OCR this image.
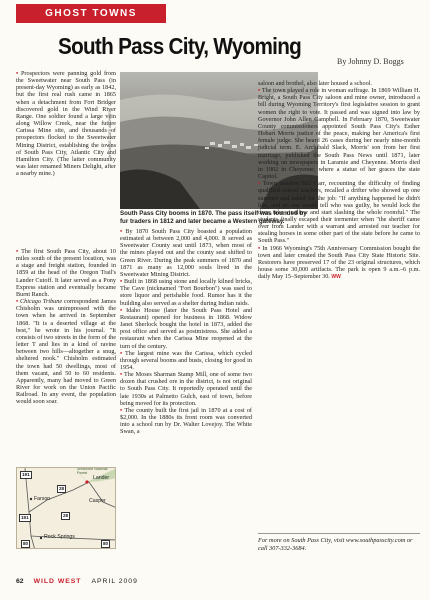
GHOST TOWNS
South Pass City, Wyoming
By Johnny D. Boggs

• Prospectors were panning gold from the Sweetwater near South Pass (in present-day Wyoming) as early as 1842, but the first real rush came in 1865 when a detachment from Fort Bridger discovered gold in the Wind River Range. One soldier found a large vein along Willow Creek, near the future Carissa Mine site, and thousands of prospectors flocked to the Sweetwater Mining District, establishing the towns of South Pass City, Atlantic City and Hamilton City. (The latter community was later renamed Miners Delight, after a nearby mine.)

WYOMING STATE ARCHIVES
South Pass City booms in 1870. The pass itself was founded by fur traders in 1812 and later became a Western gateway.

• The first South Pass City, about 10 miles south of the present location, was a stage and freight station, founded in 1859 at the head of the Oregon Trail's Lander Cutoff. It later served as a Pony Express station and eventually became Burnt Ranch.

• Chicago Tribune correspondent James Chisholm was unimpressed with the town when he arrived in September 1868. "It is a deserted village at the best," he wrote in his journal. "It consists of two streets in the form of the letter T and lies in a kind of ravine between two hills—altogether a snug, sheltered nook." Chisholm estimated the town had 50 dwellings, most of them vacant, and 50 to 60 residents. Apparently, many had moved to Green River for work on the Union Pacific Railroad. In any event, the population would soon soar.

Shoshone National Forest
Lander
Farson	Casper
Rock Springs
191
28
191	28
80	80

• By 1870 South Pass City boasted a population estimated at between 2,000 and 4,000. It served as Sweetwater County seat until 1873, when most of the mines played out and the county seat shifted to Green River. During the peak summers of 1870 and 1871 as many as 12,000 souls lived in the Sweetwater Mining District.

• Built in 1868 using stone and locally kilned bricks, The Cave (nicknamed "Fort Bourbon") was used to store liquor and perishable food. Rumor has it the building also served as a shelter during Indian raids.

• Idaho House (later the South Pass Hotel and Restaurant) opened for business in 1868. Widow Janet Sherlock bought the hotel in 1873, added the post office and served as postmistress. She added a restaurant when the Carissa Mine reopened at the turn of the century.

• The largest mine was the Carissa, which cycled through several booms and busts, closing for good in 1954.

• The Moses Sharman Stamp Mill, one of some two dozen that crushed ore in the district, is not original to South Pass City. It reportedly operated until the late 1930s at Palmetto Gulch, east of town, before being moved for its protection.

• The county built the first jail in 1870 at a cost of $2,000. In the 1880s its front room was converted into a school run by Dr. Walter Lovejoy. The White Swan, a

saloon and brothel, also later housed a school.

• The town played a role in woman suffrage. In 1869 William H. Bright, a South Pass City saloon and mine owner, introduced a bill during Wyoming Territory's first legislative session to grant women the right to vote. It passed and was signed into law by Governor John Allen Campbell. In February 1870, Sweetwater County commissioners appointed South Pass City's Esther Hobart Morris justice of the peace, making her America's first female judge. She heard 26 cases during her nearly nine-month judicial term. E. Archibald Slack, Morris' son from her first marriage, published the South Pass News until 1871, later working on newspapers in Laramie and Cheyenne. Morris died in 1902 in Cheyenne, where a statue of her graces the state Capitol.

• Town resident Bill Carr, recounting the difficulty of finding qualified school teachers, recalled a drifter who showed up one summer and asked for the job: "If anything happened he didn't like, and no one would tell who was guilty, he would lock the door, take a willow and start slashing the whole roomful." The students finally escaped their tormenter when "the sheriff came over from Lander with a warrant and arrested our teacher for stealing horses in some other part of the state before he came to South Pass."

• In 1966 Wyoming's 75th Anniversary Commission bought the town and later created the South Pass City State Historic Site. Restorers have preserved 17 of the 23 original structures, which house some 30,000 artifacts. The park is open 9 a.m.–6 p.m. daily May 15–September 30. WW

For more on South Pass City, visit www.southpasscity.com or call 307-332-3684.
62 WILD WEST APRIL 2009
